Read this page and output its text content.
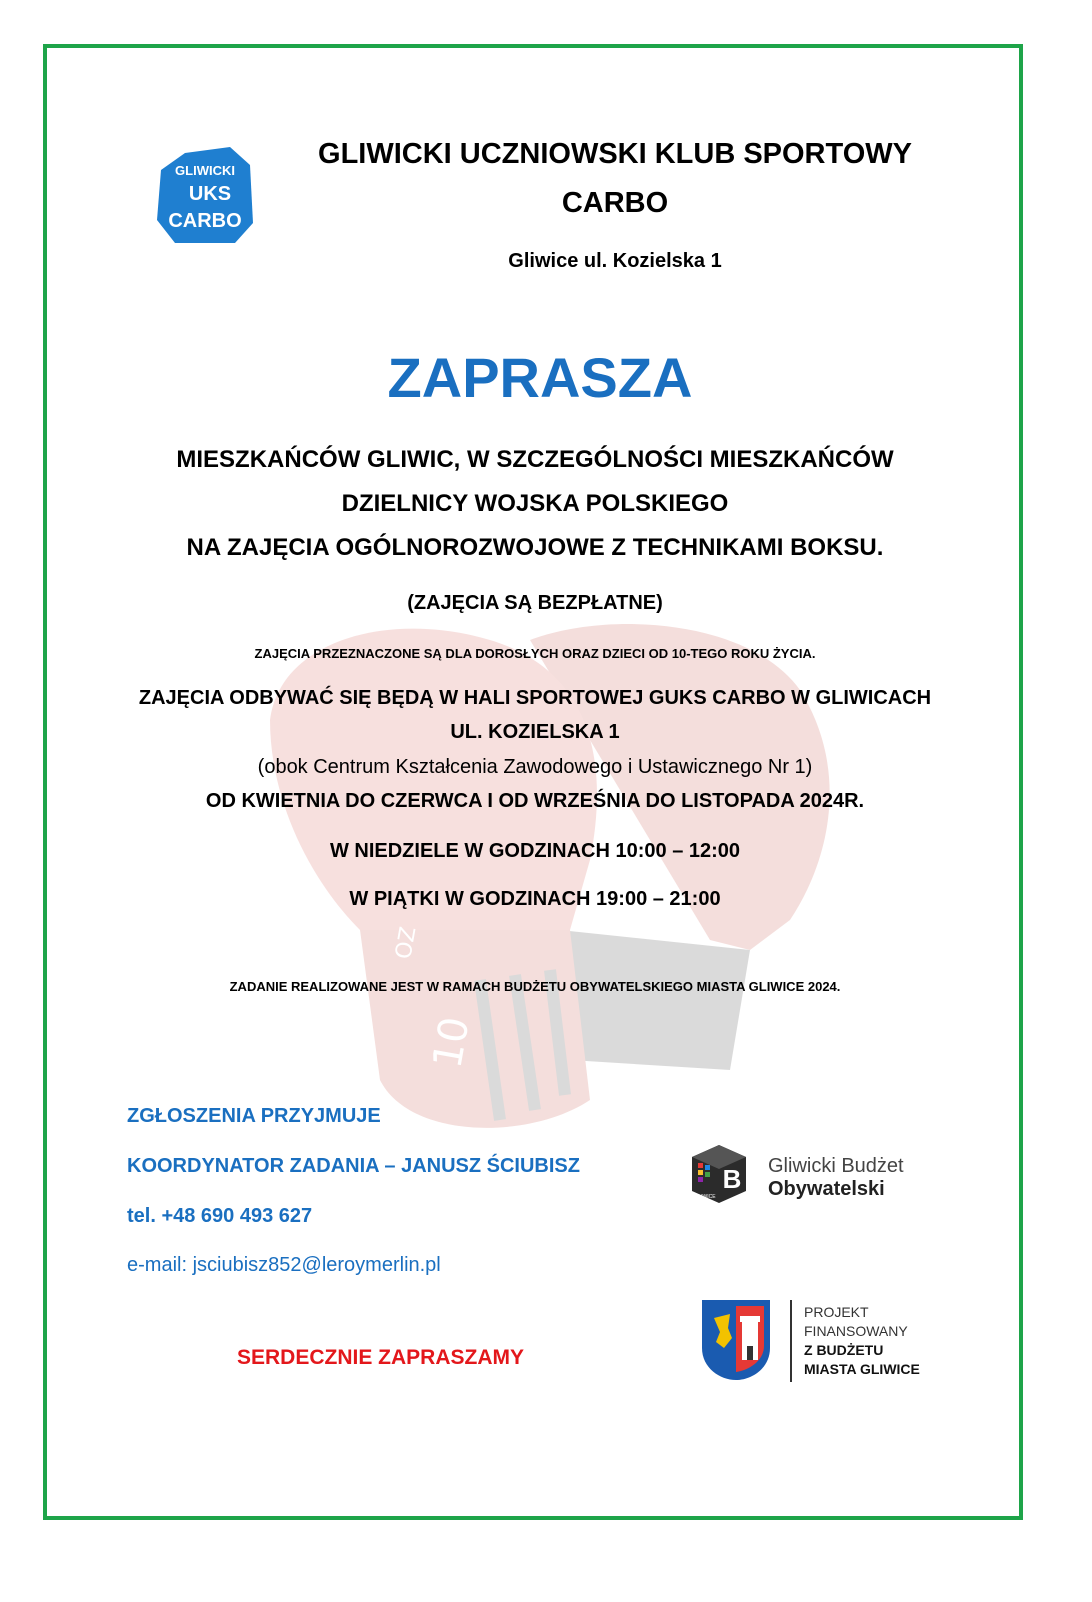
10
OZ
GLIWICKI
UKS
CARBO
GLIWICKI UCZNIOWSKI KLUB SPORTOWY
CARBO
Gliwice ul. Kozielska 1
ZAPRASZA
MIESZKAŃCÓW GLIWIC, W SZCZEGÓLNOŚCI MIESZKAŃCÓW
DZIELNICY WOJSKA POLSKIEGO
NA ZAJĘCIA OGÓLNOROZWOJOWE Z TECHNIKAMI BOKSU.
(ZAJĘCIA SĄ BEZPŁATNE)
ZAJĘCIA PRZEZNACZONE SĄ DLA DOROSŁYCH ORAZ DZIECI OD 10-TEGO ROKU ŻYCIA.
ZAJĘCIA ODBYWAĆ SIĘ BĘDĄ W HALI SPORTOWEJ GUKS CARBO W GLIWICACH
UL. KOZIELSKA 1
(obok Centrum Kształcenia Zawodowego i Ustawicznego Nr 1)
OD KWIETNIA DO CZERWCA I OD WRZEŚNIA DO LISTOPADA 2024R.
W NIEDZIELE W GODZINACH 10:00 – 12:00
W PIĄTKI W GODZINACH 19:00 – 21:00
ZADANIE REALIZOWANE JEST W RAMACH BUDŻETU OBYWATELSKIEGO MIASTA GLIWICE 2024.
ZGŁOSZENIA PRZYJMUJE
KOORDYNATOR ZADANIA – JANUSZ ŚCIUBISZ
tel. +48 690 493 627
e-mail: jsciubisz852@leroymerlin.pl
SERDECZNIE ZAPRASZAMY
B
GLIWICE
Gliwicki Budżet
Obywatelski
PROJEKT
FINANSOWANY
Z BUDŻETU
MIASTA GLIWICE
